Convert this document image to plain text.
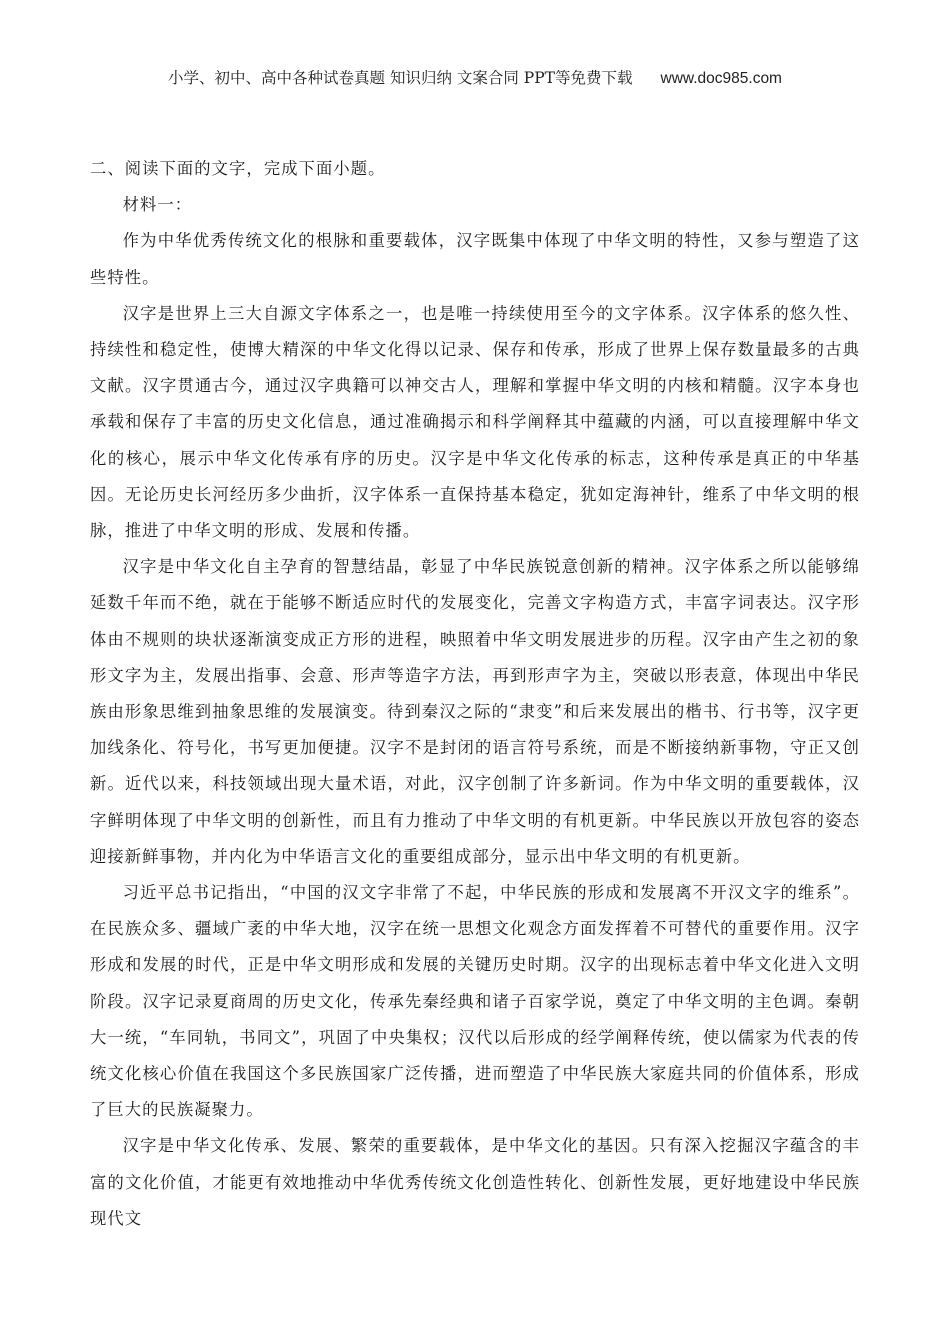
小学、初中、高中各种试卷真题 知识归纳 文案合同 PPT等免费下载 www.doc985.com

二、阅读下面的文字，完成下面小题。

材料一：

作为中华优秀传统文化的根脉和重要载体，汉字既集中体现了中华文明的特性，又参与塑造了这些特性。

汉字是世界上三大自源文字体系之一，也是唯一持续使用至今的文字体系。汉字体系的悠久性、持续性和稳定性，使博大精深的中华文化得以记录、保存和传承，形成了世界上保存数量最多的古典文献。汉字贯通古今，通过汉字典籍可以神交古人，理解和掌握中华文明的内核和精髓。汉字本身也承载和保存了丰富的历史文化信息，通过准确揭示和科学阐释其中蕴藏的内涵，可以直接理解中华文化的核心，展示中华文化传承有序的历史。汉字是中华文化传承的标志，这种传承是真正的中华基因。无论历史长河经历多少曲折，汉字体系一直保持基本稳定，犹如定海神针，维系了中华文明的根脉，推进了中华文明的形成、发展和传播。

汉字是中华文化自主孕育的智慧结晶，彰显了中华民族锐意创新的精神。汉字体系之所以能够绵延数千年而不绝，就在于能够不断适应时代的发展变化，完善文字构造方式，丰富字词表达。汉字形体由不规则的块状逐渐演变成正方形的进程，映照着中华文明发展进步的历程。汉字由产生之初的象形文字为主，发展出指事、会意、形声等造字方法，再到形声字为主，突破以形表意，体现出中华民族由形象思维到抽象思维的发展演变。待到秦汉之际的“隶变”和后来发展出的楷书、行书等，汉字更加线条化、符号化，书写更加便捷。汉字不是封闭的语言符号系统，而是不断接纳新事物，守正又创新。近代以来，科技领域出现大量术语，对此，汉字创制了许多新词。作为中华文明的重要载体，汉字鲜明体现了中华文明的创新性，而且有力推动了中华文明的有机更新。中华民族以开放包容的姿态迎接新鲜事物，并内化为中华语言文化的重要组成部分，显示出中华文明的有机更新。

习近平总书记指出，“中国的汉文字非常了不起，中华民族的形成和发展离不开汉文字的维系”。在民族众多、疆域广袤的中华大地，汉字在统一思想文化观念方面发挥着不可替代的重要作用。汉字形成和发展的时代，正是中华文明形成和发展的关键历史时期。汉字的出现标志着中华文化进入文明阶段。汉字记录夏商周的历史文化，传承先秦经典和诸子百家学说，奠定了中华文明的主色调。秦朝大一统，“车同轨，书同文”，巩固了中央集权；汉代以后形成的经学阐释传统，使以儒家为代表的传统文化核心价值在我国这个多民族国家广泛传播，进而塑造了中华民族大家庭共同的价值体系，形成了巨大的民族凝聚力。

汉字是中华文化传承、发展、繁荣的重要载体，是中华文化的基因。只有深入挖掘汉字蕴含的丰富的文化价值，才能更有效地推动中华优秀传统文化创造性转化、创新性发展，更好地建设中华民族现代文
